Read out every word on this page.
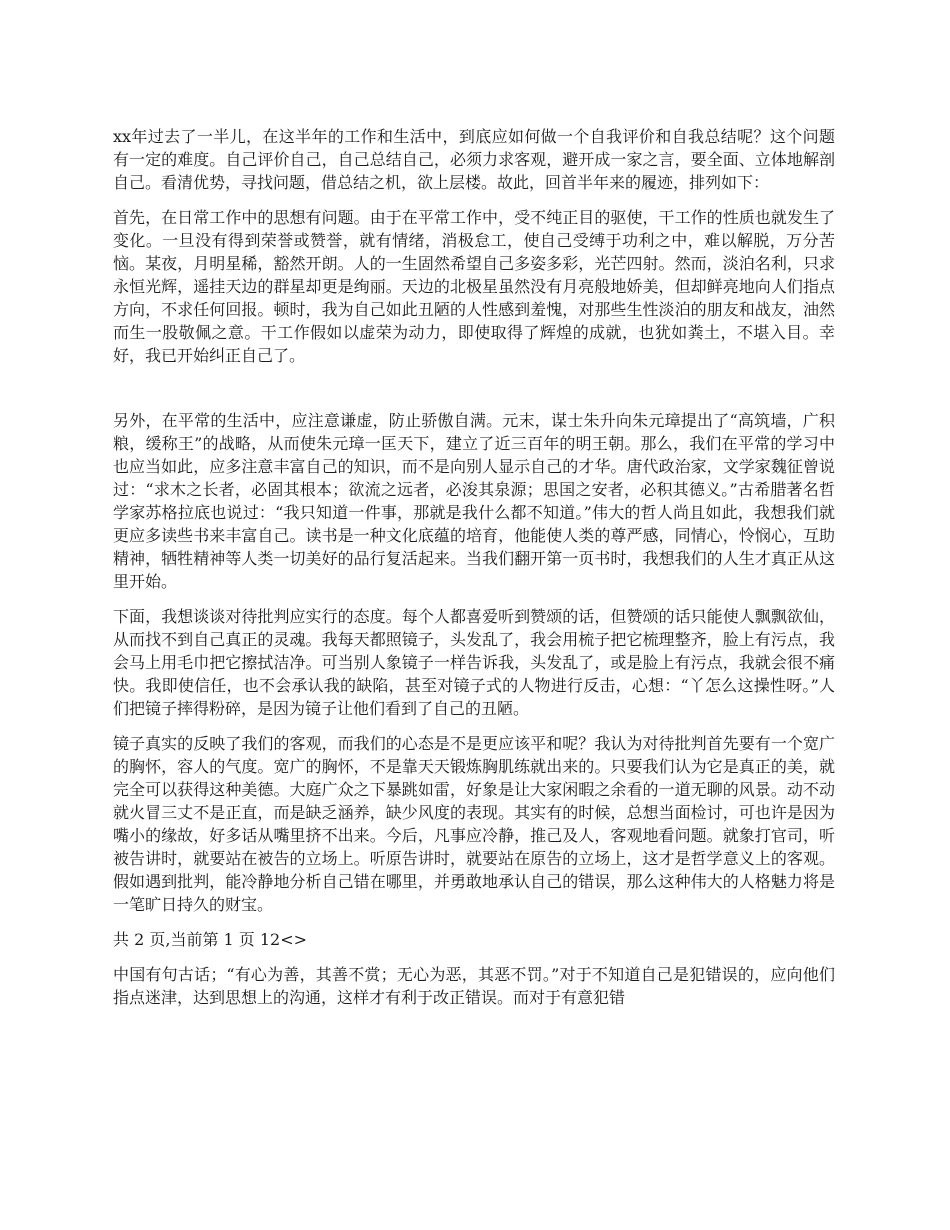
xx年过去了一半儿，在这半年的工作和生活中，到底应如何做一个自我评价和自我总结呢？这个问题有一定的难度。自己评价自己，自己总结自己，必须力求客观，避开成一家之言，要全面、立体地解剖自己。看清优势，寻找问题，借总结之机，欲上层楼。故此，回首半年来的履迹，排列如下：

首先，在日常工作中的思想有问题。由于在平常工作中，受不纯正目的驱使，干工作的性质也就发生了变化。一旦没有得到荣誉或赞誉，就有情绪，消极怠工，使自己受缚于功利之中，难以解脱，万分苦恼。某夜，月明星稀，豁然开朗。人的一生固然希望自己多姿多彩，光芒四射。然而，淡泊名利，只求永恒光辉，遥挂天边的群星却更是绚丽。天边的北极星虽然没有月亮般地娇美，但却鲜亮地向人们指点方向，不求任何回报。顿时，我为自己如此丑陋的人性感到羞愧，对那些生性淡泊的朋友和战友，油然而生一股敬佩之意。干工作假如以虚荣为动力，即使取得了辉煌的成就，也犹如粪土，不堪入目。幸好，我已开始纠正自己了。

另外，在平常的生活中，应注意谦虚，防止骄傲自满。元末，谋士朱升向朱元璋提出了“高筑墙，广积粮，缓称王”的战略，从而使朱元璋一匡天下，建立了近三百年的明王朝。那么，我们在平常的学习中也应当如此，应多注意丰富自己的知识，而不是向别人显示自己的才华。唐代政治家，文学家魏征曾说过：“求木之长者，必固其根本；欲流之远者，必浚其泉源；思国之安者，必积其德义。”古希腊著名哲学家苏格拉底也说过：“我只知道一件事，那就是我什么都不知道。”伟大的哲人尚且如此，我想我们就更应多读些书来丰富自己。读书是一种文化底蕴的培育，他能使人类的尊严感，同情心，怜悯心，互助精神，牺牲精神等人类一切美好的品行复活起来。当我们翻开第一页书时，我想我们的人生才真正从这里开始。

下面，我想谈谈对待批判应实行的态度。每个人都喜爱听到赞颂的话，但赞颂的话只能使人飘飘欲仙，从而找不到自己真正的灵魂。我每天都照镜子，头发乱了，我会用梳子把它梳理整齐，脸上有污点，我会马上用毛巾把它擦拭洁净。可当别人象镜子一样告诉我，头发乱了，或是脸上有污点，我就会很不痛快。我即使信任，也不会承认我的缺陷，甚至对镜子式的人物进行反击，心想：“丫怎么这操性呀。”人们把镜子摔得粉碎，是因为镜子让他们看到了自己的丑陋。

镜子真实的反映了我们的客观，而我们的心态是不是更应该平和呢？我认为对待批判首先要有一个宽广的胸怀，容人的气度。宽广的胸怀，不是靠天天锻炼胸肌练就出来的。只要我们认为它是真正的美，就完全可以获得这种美德。大庭广众之下暴跳如雷，好象是让大家闲暇之余看的一道无聊的风景。动不动就火冒三丈不是正直，而是缺乏涵养，缺少风度的表现。其实有的时候，总想当面检讨，可也许是因为嘴小的缘故，好多话从嘴里挤不出来。今后，凡事应冷静，推己及人，客观地看问题。就象打官司，听被告讲时，就要站在被告的立场上。听原告讲时，就要站在原告的立场上，这才是哲学意义上的客观。假如遇到批判，能冷静地分析自己错在哪里，并勇敢地承认自己的错误，那么这种伟大的人格魅力将是一笔旷日持久的财宝。

共 2 页,当前第 1 页 12<>

中国有句古话；“有心为善，其善不赏；无心为恶，其恶不罚。”对于不知道自己是犯错误的，应向他们指点迷津，达到思想上的沟通，这样才有利于改正错误。而对于有意犯错
